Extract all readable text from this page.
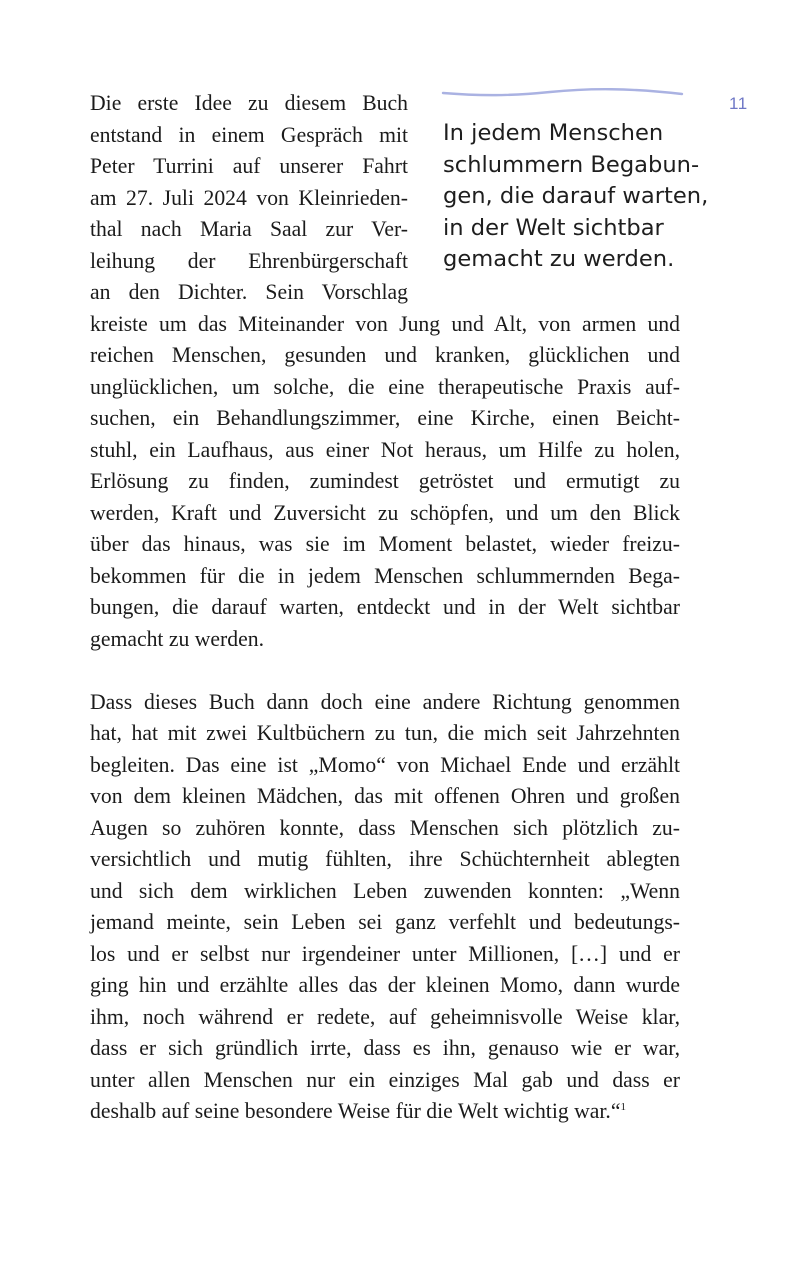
11
In jedem Menschen
schlummern Begabun-
gen, die darauf warten,
in der Welt sichtbar
gemacht zu werden.
Die erste Idee zu diesem Buch
entstand in einem Gespräch mit
Peter Turrini auf unserer Fahrt
am 27. Juli 2024 von Kleinrieden-
thal nach Maria Saal zur Ver-
leihung der Ehrenbürgerschaft
an den Dichter. Sein Vorschlag
kreiste um das Miteinander von Jung und Alt, von armen und
reichen Menschen, gesunden und kranken, glücklichen und
unglücklichen, um solche, die eine therapeutische Praxis auf-
suchen, ein Behandlungszimmer, eine Kirche, einen Beicht-
stuhl, ein Laufhaus, aus einer Not heraus, um Hilfe zu holen,
Erlösung zu finden, zumindest getröstet und ermutigt zu
werden, Kraft und Zuversicht zu schöpfen, und um den Blick
über das hinaus, was sie im Moment belastet, wieder freizu-
bekommen für die in jedem Menschen schlummernden Bega-
bungen, die darauf warten, entdeckt und in der Welt sichtbar
gemacht zu werden.
Dass dieses Buch dann doch eine andere Richtung genommen
hat, hat mit zwei Kultbüchern zu tun, die mich seit Jahrzehnten
begleiten. Das eine ist „Momo“ von Michael Ende und erzählt
von dem kleinen Mädchen, das mit offenen Ohren und großen
Augen so zuhören konnte, dass Menschen sich plötzlich zu-
versichtlich und mutig fühlten, ihre Schüchternheit ablegten
und sich dem wirklichen Leben zuwenden konnten: „Wenn
jemand meinte, sein Leben sei ganz verfehlt und bedeutungs-
los und er selbst nur irgendeiner unter Millionen, […] und er
ging hin und erzählte alles das der kleinen Momo, dann wurde
ihm, noch während er redete, auf geheimnisvolle Weise klar,
dass er sich gründlich irrte, dass es ihn, genauso wie er war,
unter allen Menschen nur ein einziges Mal gab und dass er
deshalb auf seine besondere Weise für die Welt wichtig war.“$^1$
